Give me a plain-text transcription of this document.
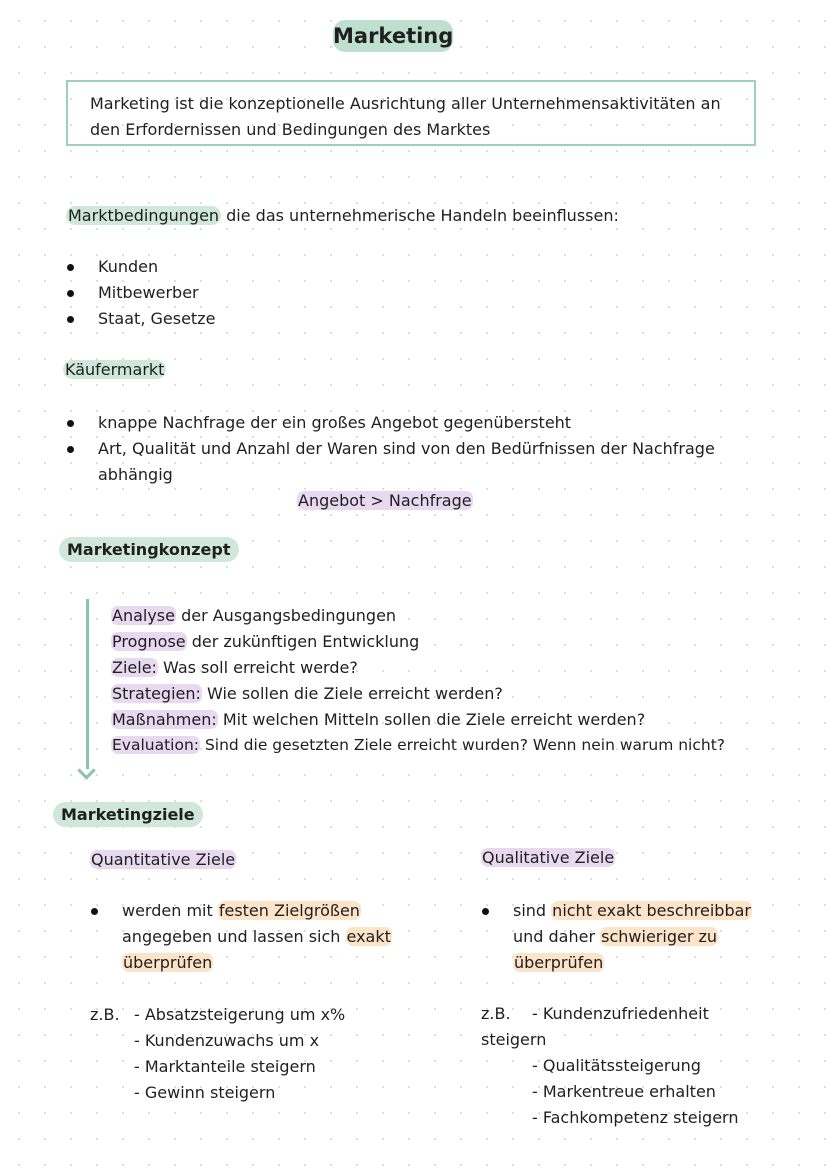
Marketing
Marketing ist die konzeptionelle Ausrichtung aller Unternehmensaktivitäten an
den Erfordernissen und Bedingungen des Marktes
Marktbedingungen die das unternehmerische Handeln beeinflussen:
Kunden
Mitbewerber
Staat, Gesetze
Käufermarkt
knappe Nachfrage der ein großes Angebot gegenübersteht
Art, Qualität und Anzahl der Waren sind von den Bedürfnissen der Nachfrage
abhängig
Angebot > Nachfrage
Marketingkonzept
Analyse der Ausgangsbedingungen
Prognose der zukünftigen Entwicklung
Ziele: Was soll erreicht werde?
Strategien: Wie sollen die Ziele erreicht werden?
Maßnahmen: Mit welchen Mitteln sollen die Ziele erreicht werden?
Evaluation: Sind die gesetzten Ziele erreicht wurden? Wenn nein warum nicht?
Marketingziele
Quantitative Ziele
werden mit festen Zielgrößen
angegeben und lassen sich exakt
überprüfen
z.B. - Absatzsteigerung um x%
- Kundenzuwachs um x
- Marktanteile steigern
- Gewinn steigern
Qualitative Ziele
sind nicht exakt beschreibbar
und daher schwieriger zu
überprüfen
z.B. - Kundenzufriedenheit
steigern
- Qualitätssteigerung
- Markentreue erhalten
- Fachkompetenz steigern
